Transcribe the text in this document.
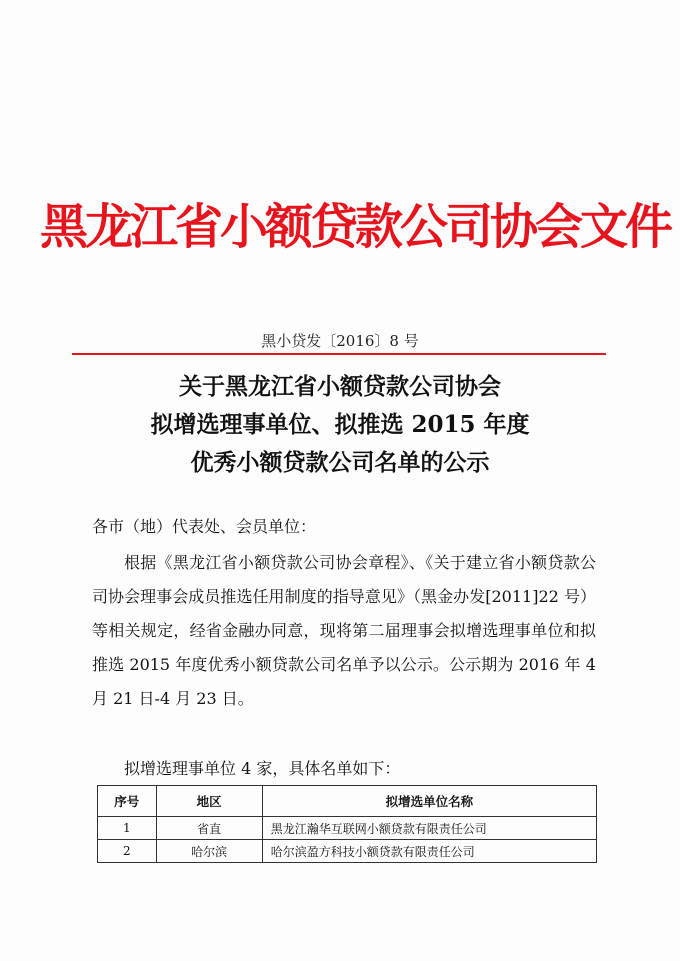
黑龙江省小额贷款公司协会文件
黑小贷发〔2016〕8 号
关于黑龙江省小额贷款公司协会
拟增选理事单位、拟推选 2015 年度
优秀小额贷款公司名单的公示
各市（地）代表处、会员单位：
根据《黑龙江省小额贷款公司协会章程》、《关于建立省小额贷款公司协会理事会成员推选任用制度的指导意见》（黑金办发[2011]22 号）等相关规定，经省金融办同意，现将第二届理事会拟增选理事单位和拟推选 2015 年度优秀小额贷款公司名单予以公示。公示期为 2016 年 4 月 21 日-4 月 23 日。
拟增选理事单位 4 家，具体名单如下：
序号	地区	拟增选单位名称
1	省直	黑龙江瀚华互联网小额贷款有限责任公司
2	哈尔滨	哈尔滨盈方科技小额贷款有限责任公司
